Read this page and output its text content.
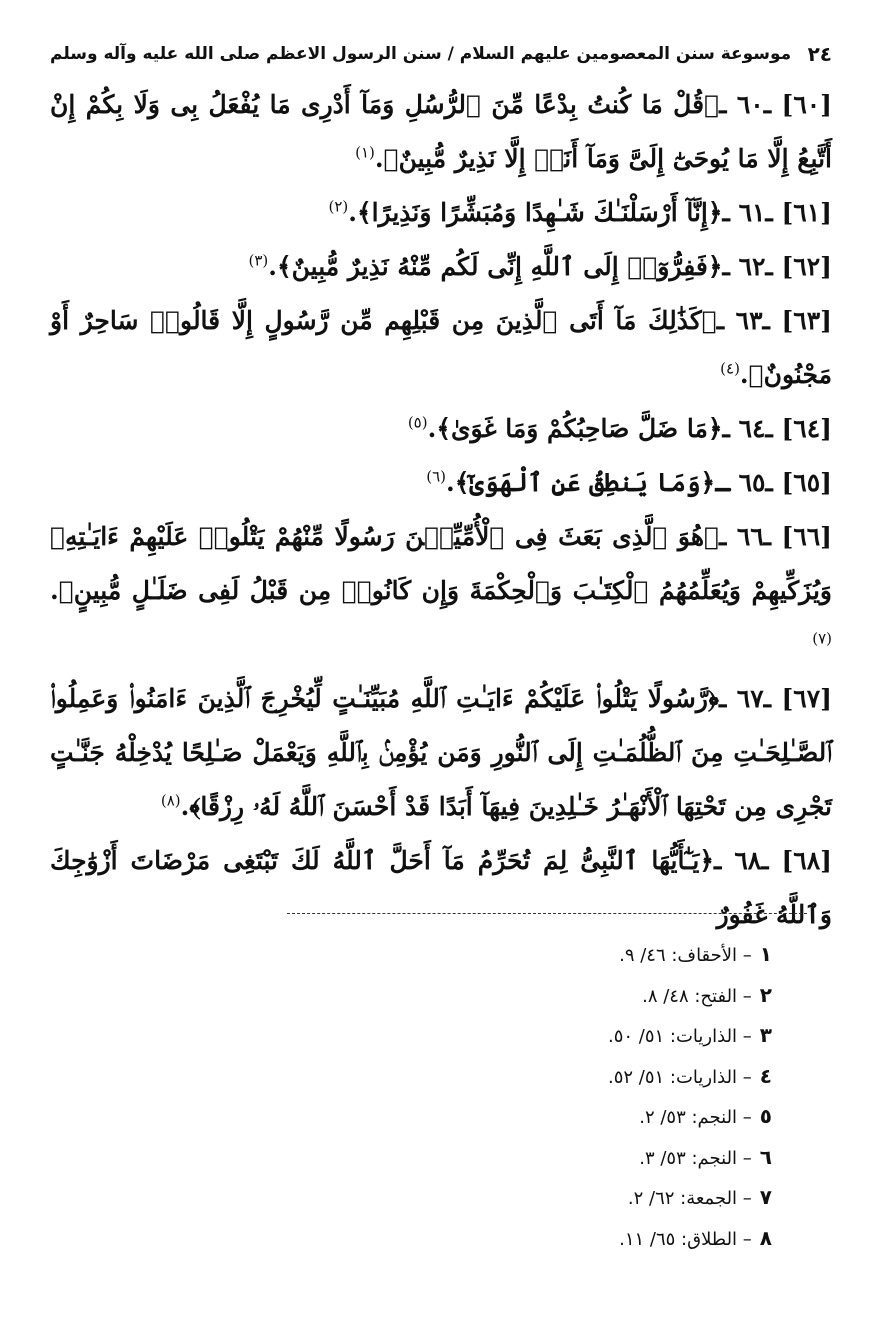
٢٤
موسوعة سنن المعصومين عليهم السلام / سنن الرسول الاعظم صلى الله عليه وآله وسلم

[٦٠] ـ٦٠ ـ﴿قُلْ مَا كُنتُ بِدْعًا مِّنَ ٱلرُّسُلِ وَمَآ أَدْرِى مَا يُفْعَلُ بِى وَلَا بِكُمْ إِنْ أَتَّبِعُ إِلَّا مَا يُوحَىٰٓ إِلَىَّ وَمَآ أَنَا۠ إِلَّا نَذِيرٌ مُّبِينٌ﴾.$^{(١)}$

[٦١] ـ٦١ ـ﴿إِنَّآ أَرْسَلْنَـٰكَ شَـٰهِدًا وَمُبَشِّرًا وَنَذِيرًا﴾.$^{(٢)}$

[٦٢] ـ٦٢ ـ﴿فَفِرُّوٓا۟ إِلَى ٱللَّهِ إِنِّى لَكُم مِّنْهُ نَذِيرٌ مُّبِينٌ﴾.$^{(٣)}$

[٦٣] ـ٦٣ ـ﴿كَذَٰلِكَ مَآ أَتَى ٱلَّذِينَ مِن قَبْلِهِم مِّن رَّسُولٍ إِلَّا قَالُوا۟ سَاحِرٌ أَوْ مَجْنُونٌ﴾.$^{(٤)}$

[٦٤] ـ٦٤ ـ﴿مَا ضَلَّ صَاحِبُكُمْ وَمَا غَوَىٰ﴾.$^{(٥)}$

[٦٥] ـ٦٥ ـ﴿وَمَا يَنطِقُ عَنِ ٱلْهَوَىٰٓ﴾.$^{(٦)}$

[٦٦] ـ٦٦ ـ﴿هُوَ ٱلَّذِى بَعَثَ فِى ٱلْأُمِّيِّـۧنَ رَسُولًا مِّنْهُمْ يَتْلُوا۟ عَلَيْهِمْ ءَايَـٰتِهِۦ وَيُزَكِّيهِمْ وَيُعَلِّمُهُمُ ٱلْكِتَـٰبَ وَٱلْحِكْمَةَ وَإِن كَانُوا۟ مِن قَبْلُ لَفِى ضَلَـٰلٍ مُّبِينٍ﴾.$^{(٧)}$

[٦٧] ـ٦٧ ـ﴿رَّسُولًا يَتْلُوا۟ عَلَيْكُمْ ءَايَـٰتِ ٱللَّهِ مُبَيِّنَـٰتٍ لِّيُخْرِجَ ٱلَّذِينَ ءَامَنُوا۟ وَعَمِلُوا۟ ٱلصَّـٰلِحَـٰتِ مِنَ ٱلظُّلُمَـٰتِ إِلَى ٱلنُّورِ وَمَن يُؤْمِنۢ بِٱللَّهِ وَيَعْمَلْ صَـٰلِحًا يُدْخِلْهُ جَنَّـٰتٍ تَجْرِى مِن تَحْتِهَا ٱلْأَنْهَـٰرُ خَـٰلِدِينَ فِيهَآ أَبَدًا قَدْ أَحْسَنَ ٱللَّهُ لَهُۥ رِزْقًا﴾.$^{(٨)}$

[٦٨] ـ٦٨ ـ﴿يَـٰٓأَيُّهَا ٱلنَّبِىُّ لِمَ تُحَرِّمُ مَآ أَحَلَّ ٱللَّهُ لَكَ تَبْتَغِى مَرْضَاتَ أَزْوَٰجِكَ وَٱللَّهُ غَفُورٌ

١– الأحقاف: ٤٦/ ٩.
٢– الفتح: ٤٨/ ٨.
٣– الذاريات: ٥١/ ٥٠.
٤– الذاريات: ٥١/ ٥٢.
٥– النجم: ٥٣/ ٢.
٦– النجم: ٥٣/ ٣.
٧– الجمعة: ٦٢/ ٢.
٨– الطلاق: ٦٥/ ١١.
